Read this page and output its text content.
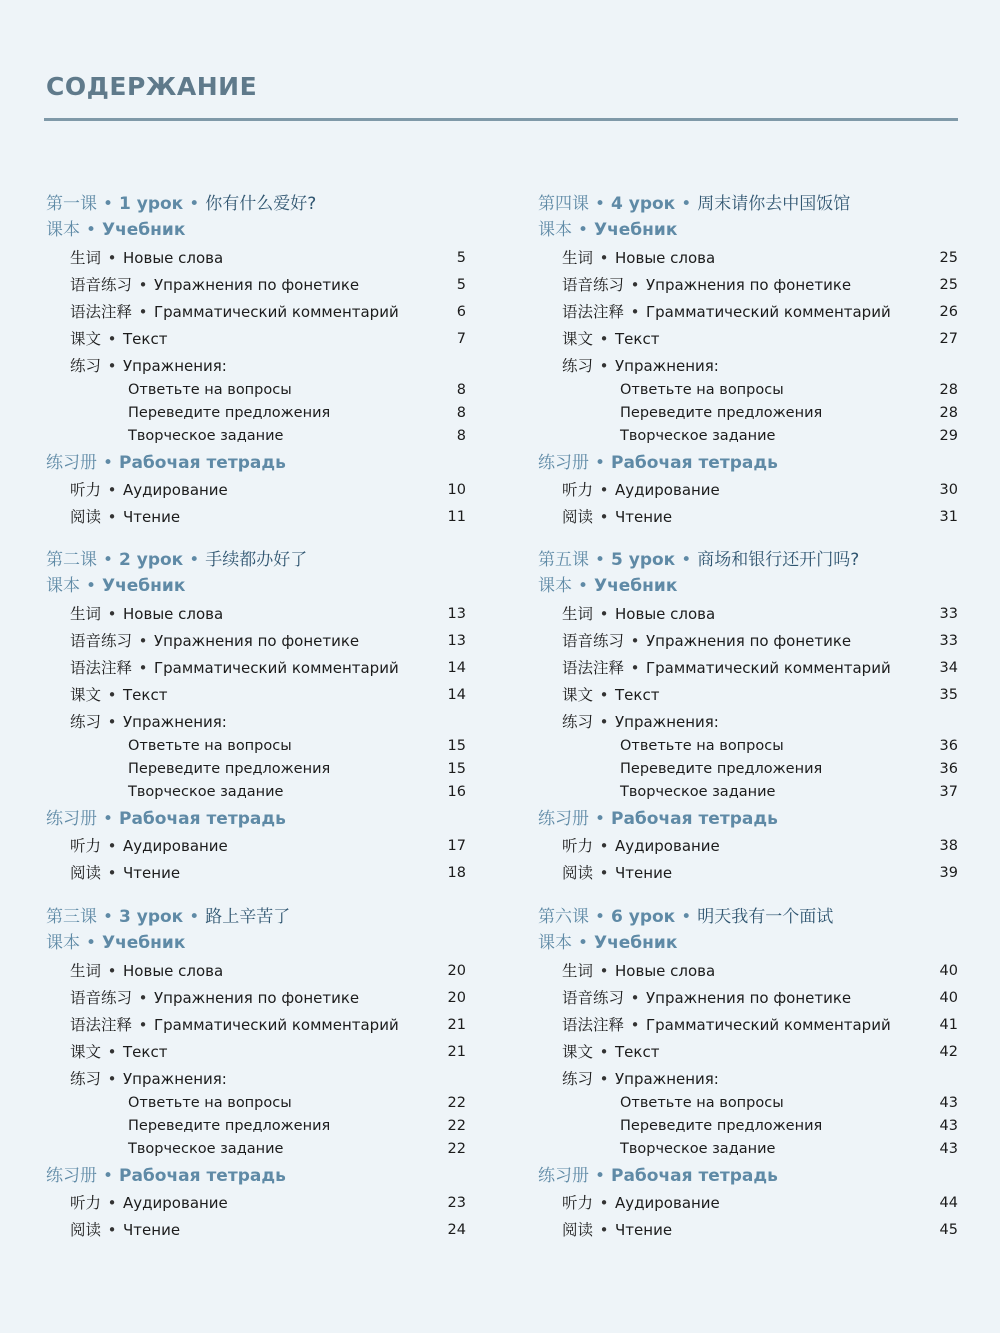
СОДЕРЖАНИЕ
第一课 • 1 урок • 你有什么爱好?
课本 • Учебник
生词 • Новые слова	5
语音练习 • Упражнения по фонетике	5
语法注释 • Грамматический комментарий	6
课文 • Текст	7
练习 • Упражнения:
Ответьте на вопросы	8
Переведите предложения	8
Творческое задание	8
练习册 • Рабочая тетрадь
听力 • Аудирование	10
阅读 • Чтение	11
第二课 • 2 урок • 手续都办好了
课本 • Учебник
生词 • Новые слова	13
语音练习 • Упражнения по фонетике	13
语法注释 • Грамматический комментарий	14
课文 • Текст	14
练习 • Упражнения:
Ответьте на вопросы	15
Переведите предложения	15
Творческое задание	16
练习册 • Рабочая тетрадь
听力 • Аудирование	17
阅读 • Чтение	18
第三课 • 3 урок • 路上辛苦了
课本 • Учебник
生词 • Новые слова	20
语音练习 • Упражнения по фонетике	20
语法注释 • Грамматический комментарий	21
课文 • Текст	21
练习 • Упражнения:
Ответьте на вопросы	22
Переведите предложения	22
Творческое задание	22
练习册 • Рабочая тетрадь
听力 • Аудирование	23
阅读 • Чтение	24
第四课 • 4 урок • 周末请你去中国饭馆
课本 • Учебник
生词 • Новые слова	25
语音练习 • Упражнения по фонетике	25
语法注释 • Грамматический комментарий	26
课文 • Текст	27
练习 • Упражнения:
Ответьте на вопросы	28
Переведите предложения	28
Творческое задание	29
练习册 • Рабочая тетрадь
听力 • Аудирование	30
阅读 • Чтение	31
第五课 • 5 урок • 商场和银行还开门吗?
课本 • Учебник
生词 • Новые слова	33
语音练习 • Упражнения по фонетике	33
语法注释 • Грамматический комментарий	34
课文 • Текст	35
练习 • Упражнения:
Ответьте на вопросы	36
Переведите предложения	36
Творческое задание	37
练习册 • Рабочая тетрадь
听力 • Аудирование	38
阅读 • Чтение	39
第六课 • 6 урок • 明天我有一个面试
课本 • Учебник
生词 • Новые слова	40
语音练习 • Упражнения по фонетике	40
语法注释 • Грамматический комментарий	41
课文 • Текст	42
练习 • Упражнения:
Ответьте на вопросы	43
Переведите предложения	43
Творческое задание	43
练习册 • Рабочая тетрадь
听力 • Аудирование	44
阅读 • Чтение	45
